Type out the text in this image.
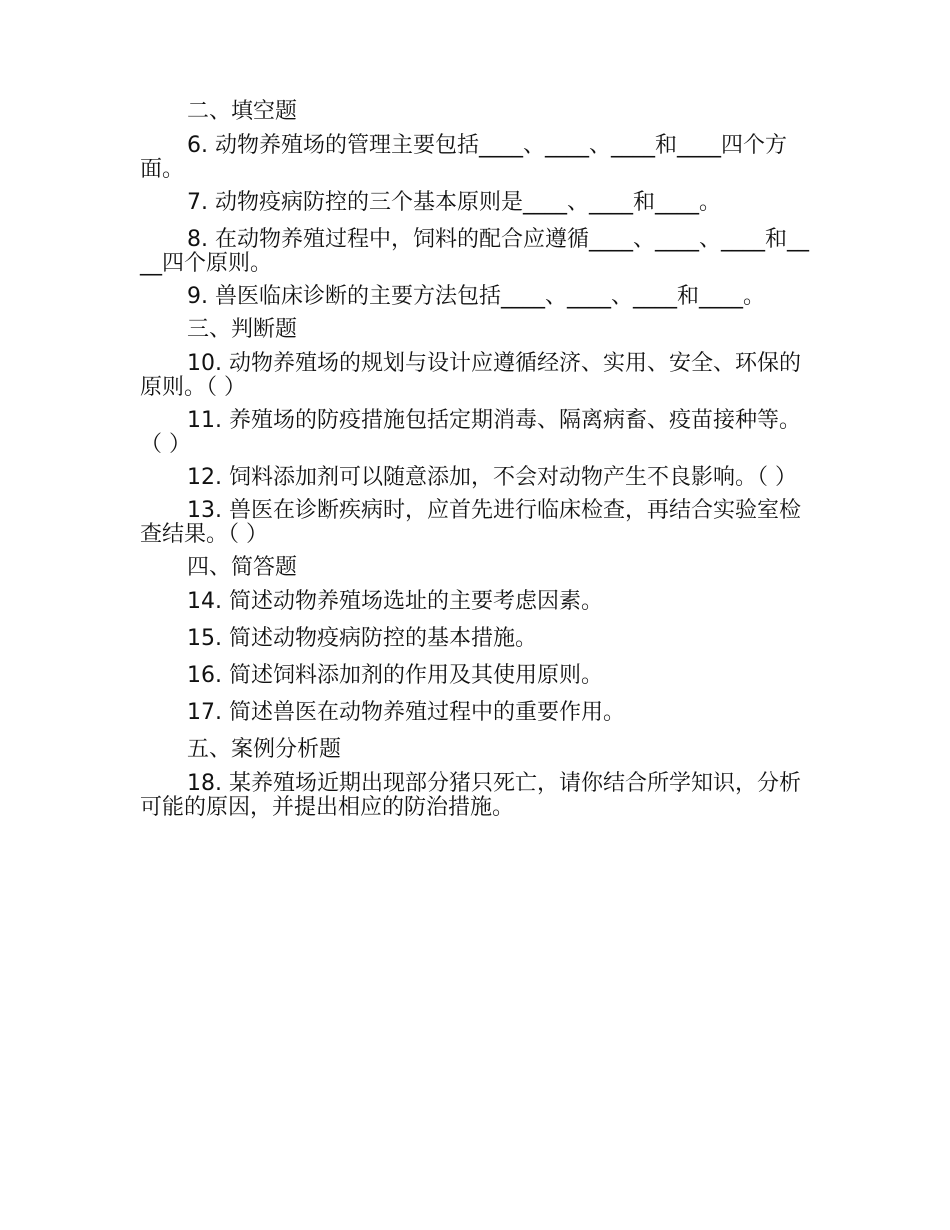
二、填空题
6. 动物养殖场的管理主要包括____、____、____和____四个方面。
7. 动物疫病防控的三个基本原则是____、____和____。
8. 在动物养殖过程中，饲料的配合应遵循____、____、____和____四个原则。
9. 兽医临床诊断的主要方法包括____、____、____和____。
三、判断题
10. 动物养殖场的规划与设计应遵循经济、实用、安全、环保的原则。（ ）
11. 养殖场的防疫措施包括定期消毒、隔离病畜、疫苗接种等。（ ）
12. 饲料添加剂可以随意添加，不会对动物产生不良影响。（ ）
13. 兽医在诊断疾病时，应首先进行临床检查，再结合实验室检查结果。（ ）
四、简答题
14. 简述动物养殖场选址的主要考虑因素。
15. 简述动物疫病防控的基本措施。
16. 简述饲料添加剂的作用及其使用原则。
17. 简述兽医在动物养殖过程中的重要作用。
五、案例分析题
18. 某养殖场近期出现部分猪只死亡，请你结合所学知识，分析可能的原因，并提出相应的防治措施。
